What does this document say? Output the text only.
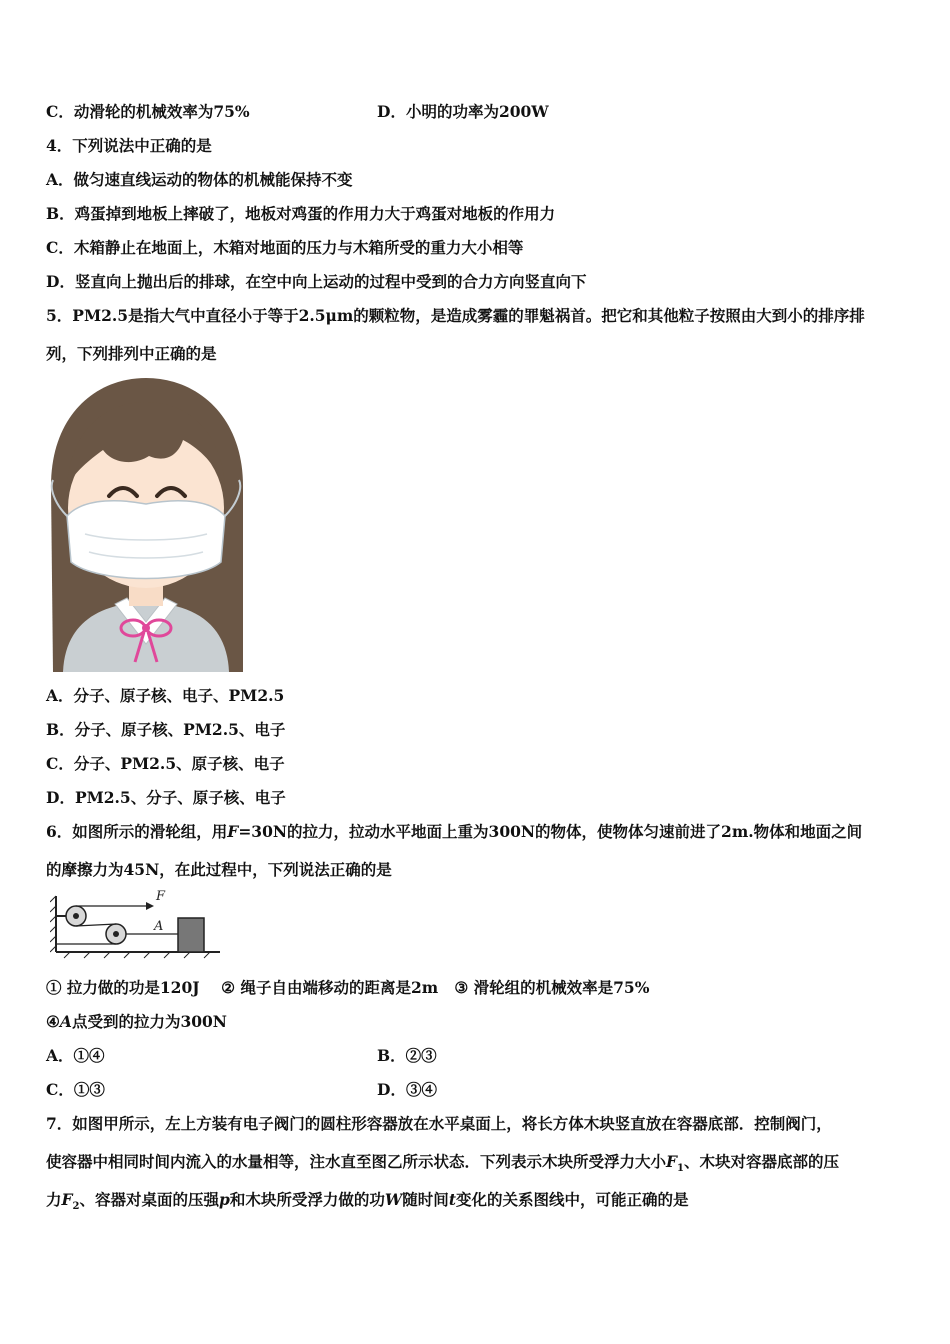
C．动滑轮的机械效率为75%	D．小明的功率为200W
4．下列说法中正确的是
A．做匀速直线运动的物体的机械能保持不变
B．鸡蛋掉到地板上摔破了，地板对鸡蛋的作用力大于鸡蛋对地板的作用力
C．木箱静止在地面上，木箱对地面的压力与木箱所受的重力大小相等
D．竖直向上抛出后的排球，在空中向上运动的过程中受到的合力方向竖直向下
5．PM2.5是指大气中直径小于等于2.5μm的颗粒物，是造成雾霾的罪魁祸首。把它和其他粒子按照由大到小的排序排
列，下列排列中正确的是
A．分子、原子核、电子、PM2.5
B．分子、原子核、PM2.5、电子
C．分子、PM2.5、原子核、电子
D．PM2.5、分子、原子核、电子
6．如图所示的滑轮组，用F=30N的拉力，拉动水平地面上重为300N的物体，使物体匀速前进了2m.物体和地面之间
的摩擦力为45N，在此过程中，下列说法正确的是
F
A
① 拉力做的功是120J    ② 绳子自由端移动的距离是2m   ③ 滑轮组的机械效率是75%
④A点受到的拉力为300N
A．①④	B．②③
C．①③	D．③④
7．如图甲所示，左上方装有电子阀门的圆柱形容器放在水平桌面上，将长方体木块竖直放在容器底部．控制阀门，
使容器中相同时间内流入的水量相等，注水直至图乙所示状态．下列表示木块所受浮力大小$F_1$、木块对容器底部的压
力$F_2$、容器对桌面的压强p和木块所受浮力做的功W随时间t变化的关系图线中，可能正确的是
